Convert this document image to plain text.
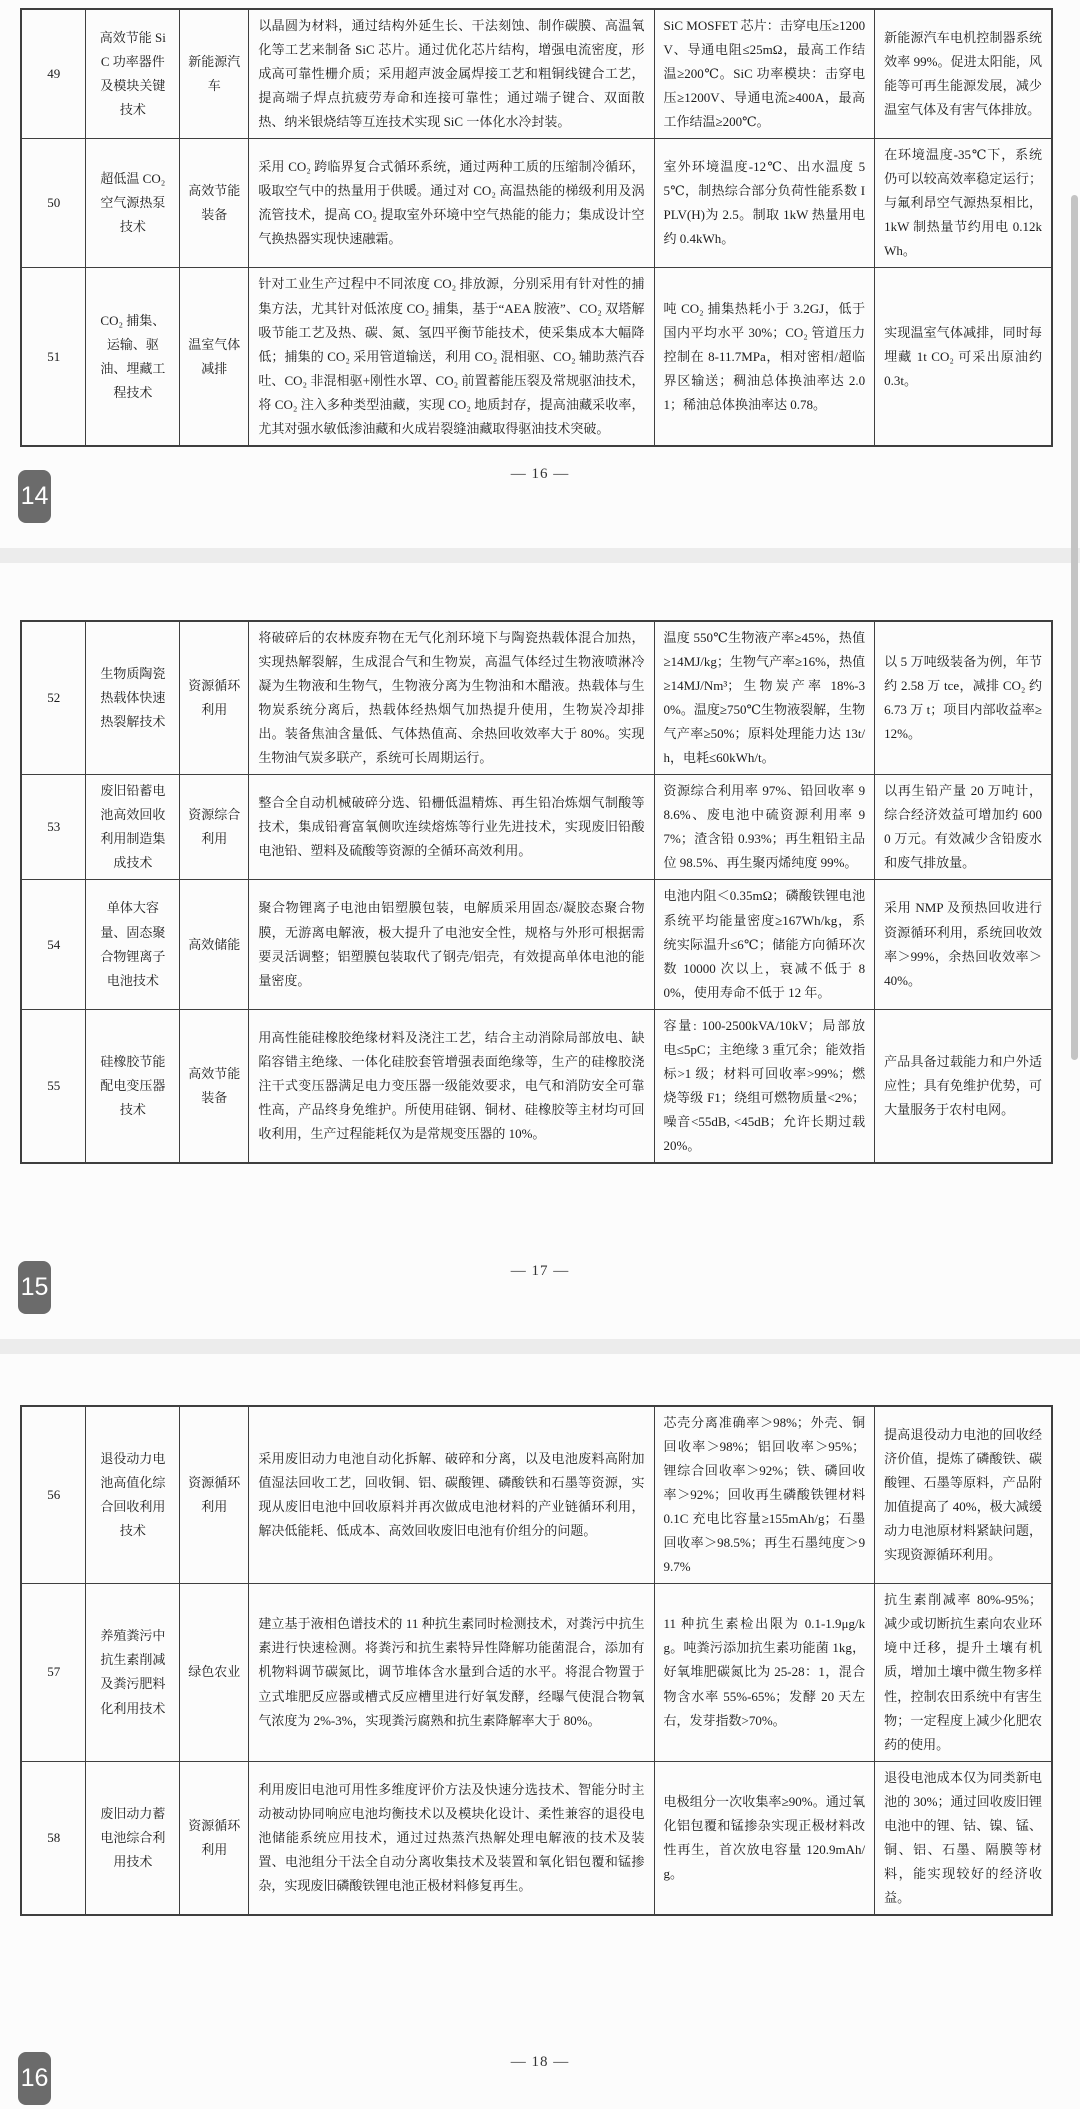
49	高效节能 SiC 功率器件及模块关键技术	新能源汽车	以晶圆为材料，通过结构外延生长、干法刻蚀、制作碳膜、高温氧化等工艺来制备 SiC 芯片。通过优化芯片结构，增强电流密度，形成高可靠性栅介质；采用超声波金属焊接工艺和粗铜线键合工艺，提高端子焊点抗疲劳寿命和连接可靠性；通过端子键合、双面散热、纳米银烧结等互连技术实现 SiC 一体化水冷封装。	SiC MOSFET 芯片：击穿电压≥1200V、导通电阻≤25mΩ，最高工作结温≥200℃。SiC 功率模块：击穿电压≥1200V、导通电流≥400A，最高工作结温≥200℃。	新能源汽车电机控制器系统效率 99%。促进太阳能，风能等可再生能源发展，减少温室气体及有害气体排放。
50	超低温 CO₂ 空气源热泵技术	高效节能装备	采用 CO₂ 跨临界复合式循环系统，通过两种工质的压缩制冷循环，吸取空气中的热量用于供暖。通过对 CO₂ 高温热能的梯级利用及涡流管技术，提高 CO₂ 提取室外环境中空气热能的能力；集成设计空气换热器实现快速融霜。	室外环境温度-12℃、出水温度 55℃，制热综合部分负荷性能系数 IPLV(H)为 2.5。制取 1kW 热量用电约 0.4kWh。	在环境温度-35℃下，系统仍可以较高效率稳定运行；与氟利昂空气源热泵相比，1kW 制热量节约用电 0.12kWh。
51	CO₂ 捕集、运输、驱油、埋藏工程技术	温室气体减排	针对工业生产过程中不同浓度 CO₂ 排放源，分别采用有针对性的捕集方法，尤其针对低浓度 CO₂ 捕集，基于“AEA 胺液”、CO₂ 双塔解吸节能工艺及热、碳、氮、氢四平衡节能技术，使采集成本大幅降低；捕集的 CO₂ 采用管道输送，利用 CO₂ 混相驱、CO₂ 辅助蒸汽吞吐、CO₂ 非混相驱+刚性水罩、CO₂ 前置蓄能压裂及常规驱油技术，将 CO₂ 注入多种类型油藏，实现 CO₂ 地质封存，提高油藏采收率，尤其对强水敏低渗油藏和火成岩裂缝油藏取得驱油技术突破。	吨 CO₂ 捕集热耗小于 3.2GJ，低于国内平均水平 30%；CO₂ 管道压力控制在 8-11.7MPa，相对密相/超临界区输送；稠油总体换油率达 2.01；稀油总体换油率达 0.78。	实现温室气体减排，同时每埋藏 1t CO₂ 可采出原油约 0.3t。
— 16 —
52	生物质陶瓷热载体快速热裂解技术	资源循环利用	将破碎后的农林废弃物在无气化剂环境下与陶瓷热载体混合加热，实现热解裂解，生成混合气和生物炭，高温气体经过生物液喷淋冷凝为生物液和生物气，生物液分离为生物油和木醋液。热载体与生物炭系统分离后，热载体经热烟气加热提升使用，生物炭冷却排出。装备焦油含量低、气体热值高、余热回收效率大于 80%。实现生物油气炭多联产，系统可长周期运行。	温度 550℃生物液产率≥45%，热值≥14MJ/kg；生物气产率≥16%，热值≥14MJ/Nm³；生物炭产率 18%-30%。温度≥750℃生物液裂解，生物气产率≥50%；原料处理能力达 13t/h，电耗≤60kWh/t。	以 5 万吨级装备为例，年节约 2.58 万 tce，减排 CO₂ 约 6.73 万 t；项目内部收益率≥12%。
53	废旧铅蓄电池高效回收利用制造集成技术	资源综合利用	整合全自动机械破碎分选、铅栅低温精炼、再生铅冶炼烟气制酸等技术，集成铅膏富氧侧吹连续熔炼等行业先进技术，实现废旧铅酸电池铅、塑料及硫酸等资源的全循环高效利用。	资源综合利用率 97%、铅回收率 98.6%、废电池中硫资源利用率 97%；渣含铅 0.93%；再生粗铅主品位 98.5%、再生聚丙烯纯度 99%。	以再生铅产量 20 万吨计，综合经济效益可增加约 6000 万元。有效减少含铅废水和废气排放量。
54	单体大容量、固态聚合物锂离子电池技术	高效储能	聚合物锂离子电池由铝塑膜包装，电解质采用固态/凝胶态聚合物膜，无游离电解液，极大提升了电池安全性，规格与外形可根据需要灵活调整；铝塑膜包装取代了钢壳/铝壳，有效提高单体电池的能量密度。	电池内阻＜0.35mΩ；磷酸铁锂电池系统平均能量密度≥167Wh/kg，系统实际温升≤6℃；储能方向循环次数 10000 次以上，衰减不低于 80%，使用寿命不低于 12 年。	采用 NMP 及预热回收进行资源循环利用，系统回收效率＞99%，余热回收效率＞40%。
55	硅橡胶节能配电变压器技术	高效节能装备	用高性能硅橡胶绝缘材料及浇注工艺，结合主动消除局部放电、缺陷容错主绝缘、一体化硅胶套管增强表面绝缘等，生产的硅橡胶浇注干式变压器满足电力变压器一级能效要求，电气和消防安全可靠性高，产品终身免维护。所使用硅钢、铜材、硅橡胶等主材均可回收利用，生产过程能耗仅为是常规变压器的 10%。	容量: 100-2500kVA/10kV；局部放电≤5pC；主绝缘 3 重冗余；能效指标>1 级；材料可回收率>99%；燃烧等级 F1；绕组可燃物质量<2%；噪音<55dB, <45dB；允许长期过载 20%。	产品具备过载能力和户外适应性；具有免维护优势，可大量服务于农村电网。
— 17 —
56	退役动力电池高值化综合回收利用技术	资源循环利用	采用废旧动力电池自动化拆解、破碎和分离，以及电池废料高附加值湿法回收工艺，回收铜、铝、碳酸锂、磷酸铁和石墨等资源，实现从废旧电池中回收原料并再次做成电池材料的产业链循环利用，解决低能耗、低成本、高效回收废旧电池有价组分的问题。	芯壳分离准确率＞98%；外壳、铜回收率＞98%；铝回收率＞95%；锂综合回收率＞92%；铁、磷回收率＞92%；回收再生磷酸铁锂材料 0.1C 充电比容量≥155mAh/g；石墨回收率＞98.5%；再生石墨纯度＞99.7%	提高退役动力电池的回收经济价值，提炼了磷酸铁、碳酸锂、石墨等原料，产品附加值提高了 40%，极大减缓动力电池原材料紧缺问题，实现资源循环利用。
57	养殖粪污中抗生素削减及粪污肥料化利用技术	绿色农业	建立基于液相色谱技术的 11 种抗生素同时检测技术，对粪污中抗生素进行快速检测。将粪污和抗生素特异性降解功能菌混合，添加有机物料调节碳氮比，调节堆体含水量到合适的水平。将混合物置于立式堆肥反应器或槽式反应槽里进行好氧发酵，经曝气使混合物氧气浓度为 2%-3%，实现粪污腐熟和抗生素降解率大于 80%。	11 种抗生素检出限为 0.1-1.9μg/kg。吨粪污添加抗生素功能菌 1kg，好氧堆肥碳氮比为 25-28：1，混合物含水率 55%-65%；发酵 20 天左右，发芽指数>70%。	抗生素削减率 80%-95%；减少或切断抗生素向农业环境中迁移，提升土壤有机质，增加土壤中微生物多样性，控制农田系统中有害生物；一定程度上减少化肥农药的使用。
58	废旧动力蓄电池综合利用技术	资源循环利用	利用废旧电池可用性多维度评价方法及快速分选技术、智能分时主动被动协同响应电池均衡技术以及模块化设计、柔性兼容的退役电池储能系统应用技术，通过过热蒸汽热解处理电解液的技术及装置、电池组分干法全自动分离收集技术及装置和氧化铝包覆和锰掺杂，实现废旧磷酸铁锂电池正极材料修复再生。	电极组分一次收集率≥90%。通过氧化铝包覆和锰掺杂实现正极材料改性再生，首次放电容量 120.9mAh/g。	退役电池成本仅为同类新电池的 30%；通过回收废旧锂电池中的锂、钴、镍、锰、铜、铝、石墨、隔膜等材料，能实现较好的经济收益。
— 18 —
14
15
16
